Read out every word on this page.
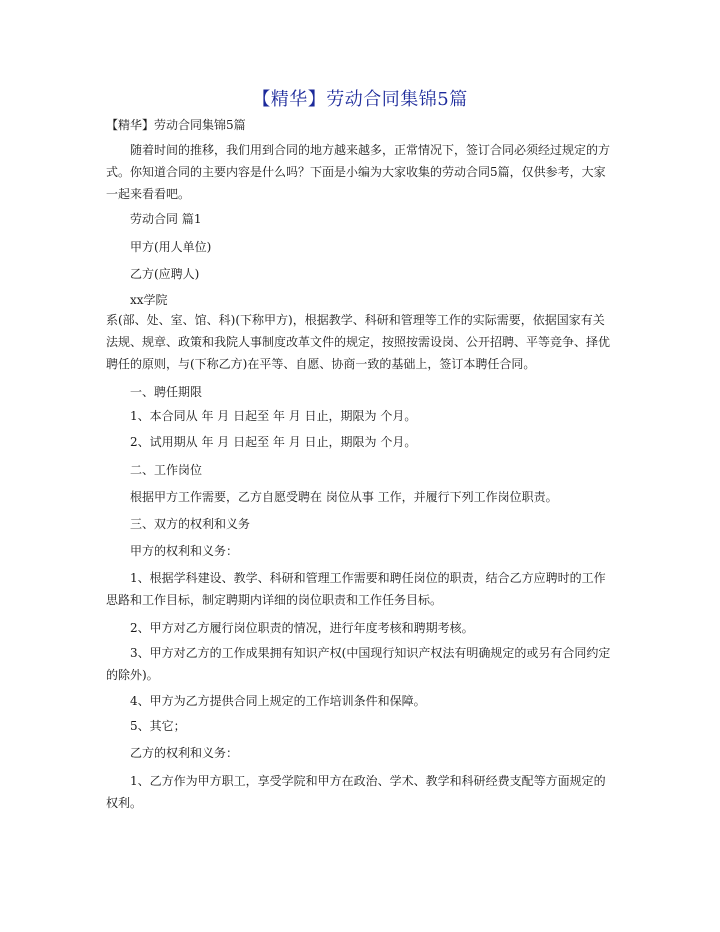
【精华】劳动合同集锦5篇

【精华】劳动合同集锦5篇

随着时间的推移，我们用到合同的地方越来越多，正常情况下，签订合同必须经过规定的方式。你知道合同的主要内容是什么吗？下面是小编为大家收集的劳动合同5篇，仅供参考，大家一起来看看吧。

劳动合同 篇1

甲方(用人单位)

乙方(应聘人)

xx学院

系(部、处、室、馆、科)(下称甲方)，根据教学、科研和管理等工作的实际需要，依据国家有关法规、规章、政策和我院人事制度改革文件的规定，按照按需设岗、公开招聘、平等竞争、择优聘任的原则，与(下称乙方)在平等、自愿、协商一致的基础上，签订本聘任合同。

一、聘任期限

1、本合同从 年 月 日起至 年 月 日止，期限为 个月。

2、试用期从 年 月 日起至 年 月 日止，期限为 个月。

二、工作岗位

根据甲方工作需要，乙方自愿受聘在 岗位从事 工作，并履行下列工作岗位职责。

三、双方的权利和义务

甲方的权利和义务：

1、根据学科建设、教学、科研和管理工作需要和聘任岗位的职责，结合乙方应聘时的工作思路和工作目标，制定聘期内详细的岗位职责和工作任务目标。

2、甲方对乙方履行岗位职责的情况，进行年度考核和聘期考核。

3、甲方对乙方的工作成果拥有知识产权(中国现行知识产权法有明确规定的或另有合同约定的除外)。

4、甲方为乙方提供合同上规定的工作培训条件和保障。

5、其它；

乙方的权利和义务：

1、乙方作为甲方职工，享受学院和甲方在政治、学术、教学和科研经费支配等方面规定的权利。
